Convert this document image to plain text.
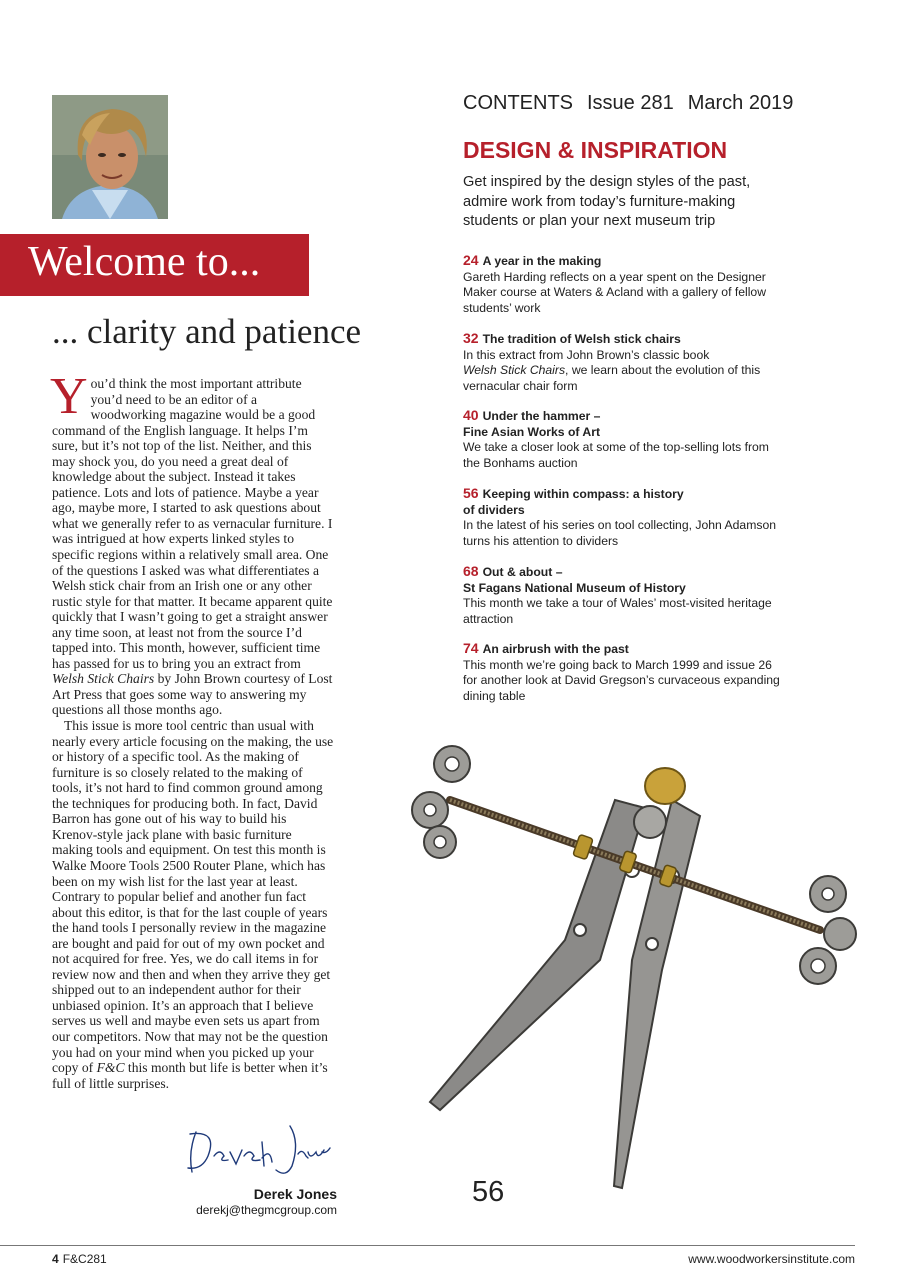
Welcome to...
... clarity and patience

You’d think the most important attribute you’d need to be an editor of a woodworking magazine would be a good command of the English language. It helps I’m sure, but it’s not top of the list. Neither, and this may shock you, do you need a great deal of knowledge about the subject. Instead it takes patience. Lots and lots of patience. Maybe a year ago, maybe more, I started to ask questions about what we generally refer to as vernacular furniture. I was intrigued at how experts linked styles to specific regions within a relatively small area. One of the questions I asked was what differentiates a Welsh stick chair from an Irish one or any other rustic style for that matter. It became apparent quite quickly that I wasn’t going to get a straight answer any time soon, at least not from the source I’d tapped into. This month, however, sufficient time has passed for us to bring you an extract from Welsh Stick Chairs by John Brown courtesy of Lost Art Press that goes some way to answering my questions all those months ago.

This issue is more tool centric than usual with nearly every article focusing on the making, the use or history of a specific tool. As the making of furniture is so closely related to the making of tools, it’s not hard to find common ground among the techniques for producing both. In fact, David Barron has gone out of his way to build his Krenov-style jack plane with basic furniture making tools and equipment. On test this month is Walke Moore Tools 2500 Router Plane, which has been on my wish list for the last year at least. Contrary to popular belief and another fun fact about this editor, is that for the last couple of years the hand tools I personally review in the magazine are bought and paid for out of my own pocket and not acquired for free. Yes, we do call items in for review now and then and when they arrive they get shipped out to an independent author for their unbiased opinion. It’s an approach that I believe serves us well and maybe even sets us apart from our competitors. Now that may not be the question you had on your mind when you picked up your copy of F&C this month but life is better when it’s full of little surprises.

Derek Jones
derekj@thegmcgroup.com
CONTENTS Issue 281 March 2019
DESIGN & INSPIRATION
Get inspired by the design styles of the past, admire work from today’s furniture-making students or plan your next museum trip
24 A year in the making
Gareth Harding reflects on a year spent on the Designer Maker course at Waters & Acland with a gallery of fellow students’ work
32 The tradition of Welsh stick chairs
In this extract from John Brown’s classic book
Welsh Stick Chairs, we learn about the evolution of this vernacular chair form
40 Under the hammer –
Fine Asian Works of Art
We take a closer look at some of the top-selling lots from the Bonhams auction
56 Keeping within compass: a history
of dividers
In the latest of his series on tool collecting, John Adamson turns his attention to dividers
68 Out & about –
St Fagans National Museum of History
This month we take a tour of Wales’ most-visited heritage attraction
74 An airbrush with the past
This month we’re going back to March 1999 and issue 26 for another look at David Gregson’s curvaceous expanding dining table
56
4 F&C281	www.woodworkersinstitute.com
